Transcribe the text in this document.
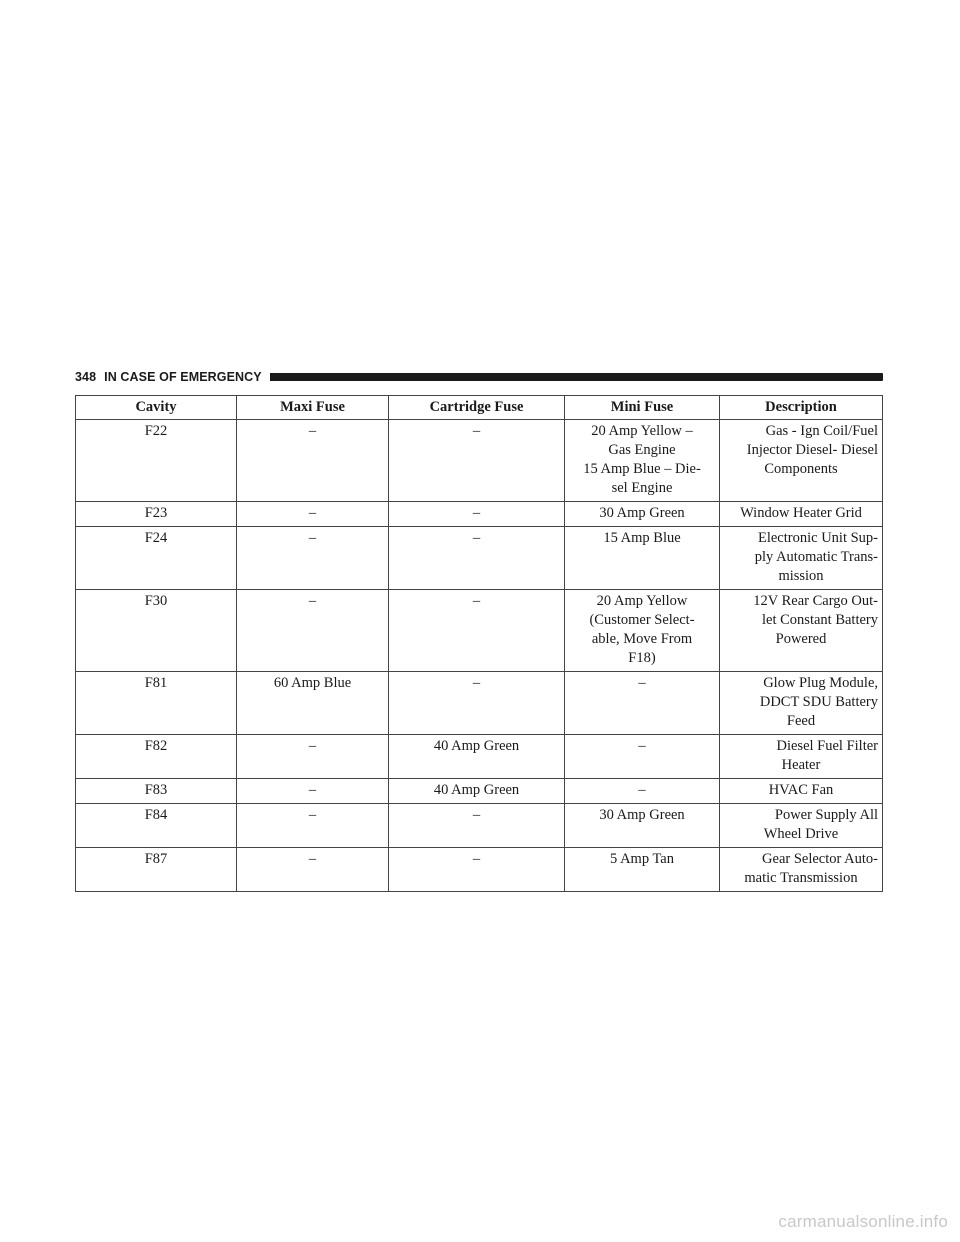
348 IN CASE OF EMERGENCY
Cavity	Maxi Fuse	Cartridge Fuse	Mini Fuse	Description
F22	–	–	20 Amp Yellow –
Gas Engine
15 Amp Blue – Die-
sel Engine	Gas - Ign Coil/Fuel
Injector Diesel- Diesel
Components

F23	–	–	30 Amp Green	Window Heater Grid

F24	–	–	15 Amp Blue	Electronic Unit Sup-
ply Automatic Trans-
mission

F30	–	–	20 Amp Yellow
(Customer Select-
able, Move From
F18)	12V Rear Cargo Out-
let Constant Battery
Powered

F81	60 Amp Blue	–	–	Glow Plug Module,
DDCT SDU Battery
Feed

F82	–	40 Amp Green	–	Diesel Fuel Filter
Heater

F83	–	40 Amp Green	–	HVAC Fan

F84	–	–	30 Amp Green	Power Supply All
Wheel Drive

F87	–	–	5 Amp Tan	Gear Selector Auto-
matic Transmission
carmanualsonline.info
